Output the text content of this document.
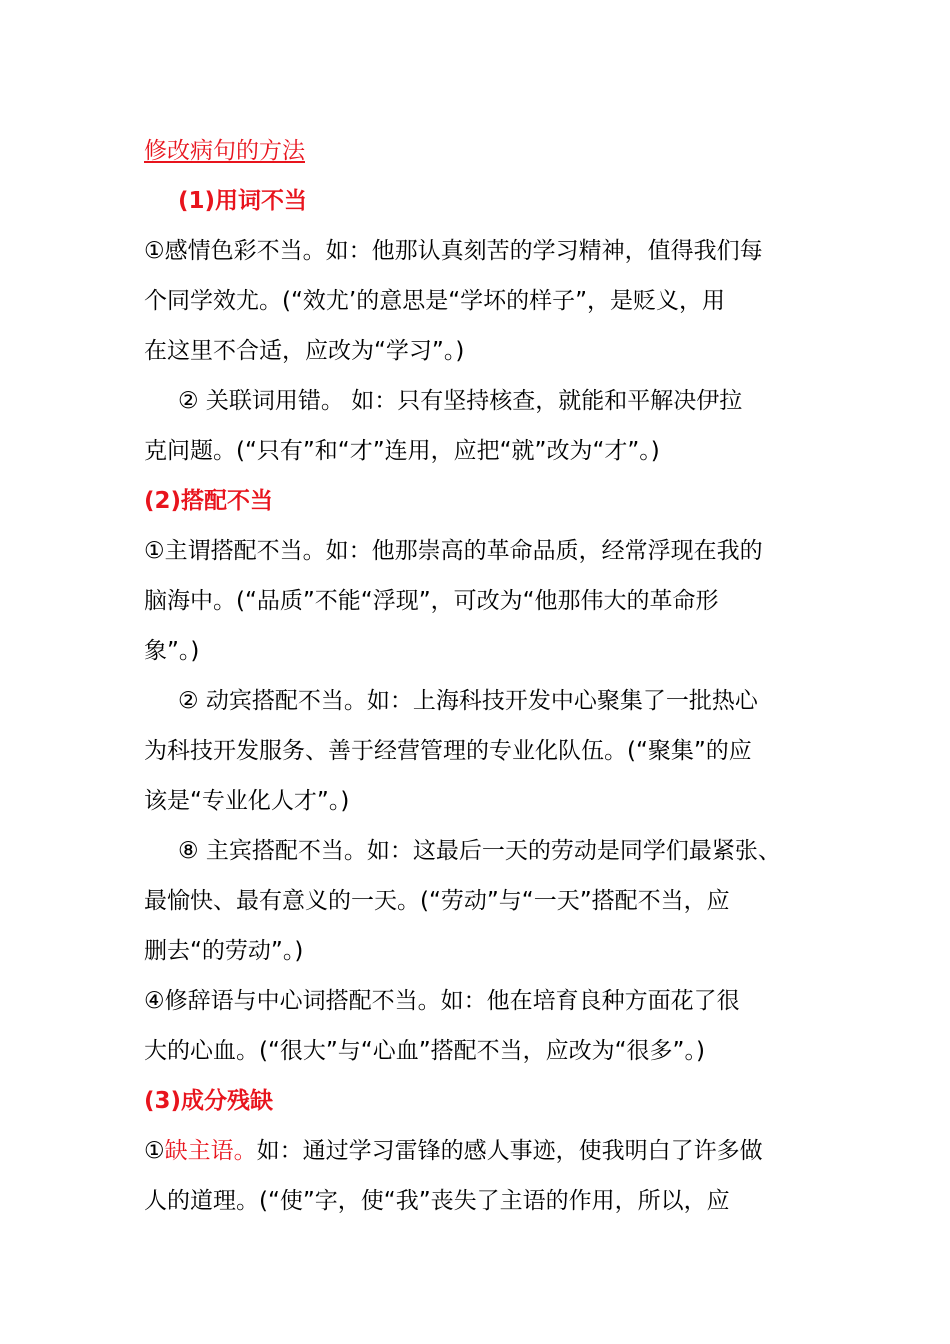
修改病句的方法
(1)用词不当
①感情色彩不当。如：他那认真刻苦的学习精神，值得我们每
个同学效尤。(“效尤’的意思是“学坏的样子”，是贬义，用
在这里不合适，应改为“学习”。)
② 关联词用错。 如：只有坚持核查，就能和平解决伊拉
克问题。(“只有”和“才”连用，应把“就”改为“才”。)
(2)搭配不当
①主谓搭配不当。如：他那崇高的革命品质，经常浮现在我的
脑海中。(“品质”不能“浮现”，可改为“他那伟大的革命形
象”。)
② 动宾搭配不当。如：上海科技开发中心聚集了一批热心
为科技开发服务、善于经营管理的专业化队伍。(“聚集”的应
该是“专业化人才”。)
⑧ 主宾搭配不当。如：这最后一天的劳动是同学们最紧张、
最愉快、最有意义的一天。(“劳动”与“一天”搭配不当，应
删去“的劳动”。)
④修辞语与中心词搭配不当。如：他在培育良种方面花了很
大的心血。(“很大”与“心血”搭配不当，应改为“很多”。)
(3)成分残缺
①缺主语。如：通过学习雷锋的感人事迹，使我明白了许多做
人的道理。(“使”字，使“我”丧失了主语的作用，所以，应
